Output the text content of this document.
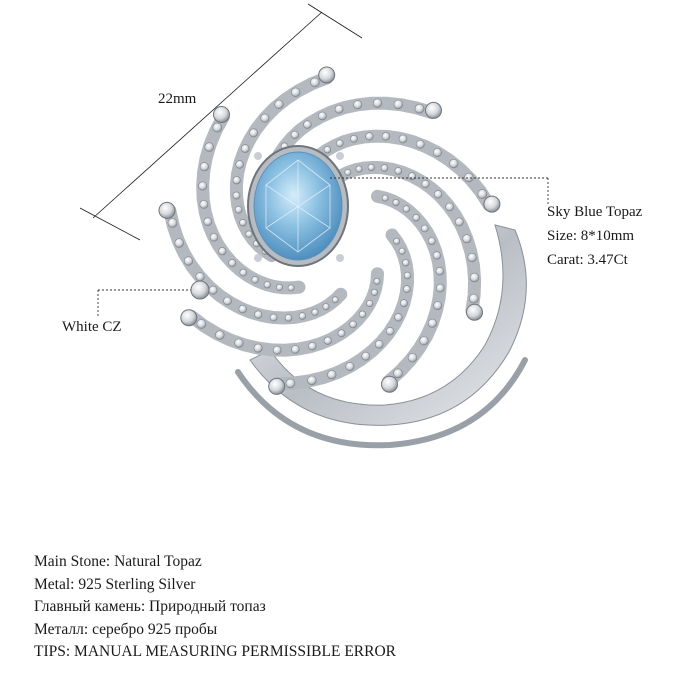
22mm

Sky Blue Topaz
Size: 8*10mm
Carat: 3.47Ct

White CZ

Main Stone: Natural Topaz
Metal: 925 Sterling Silver
Главный камень: Природный топаз
Металл: серебро 925 пробы
TIPS: MANUAL MEASURING PERMISSIBLE ERROR
